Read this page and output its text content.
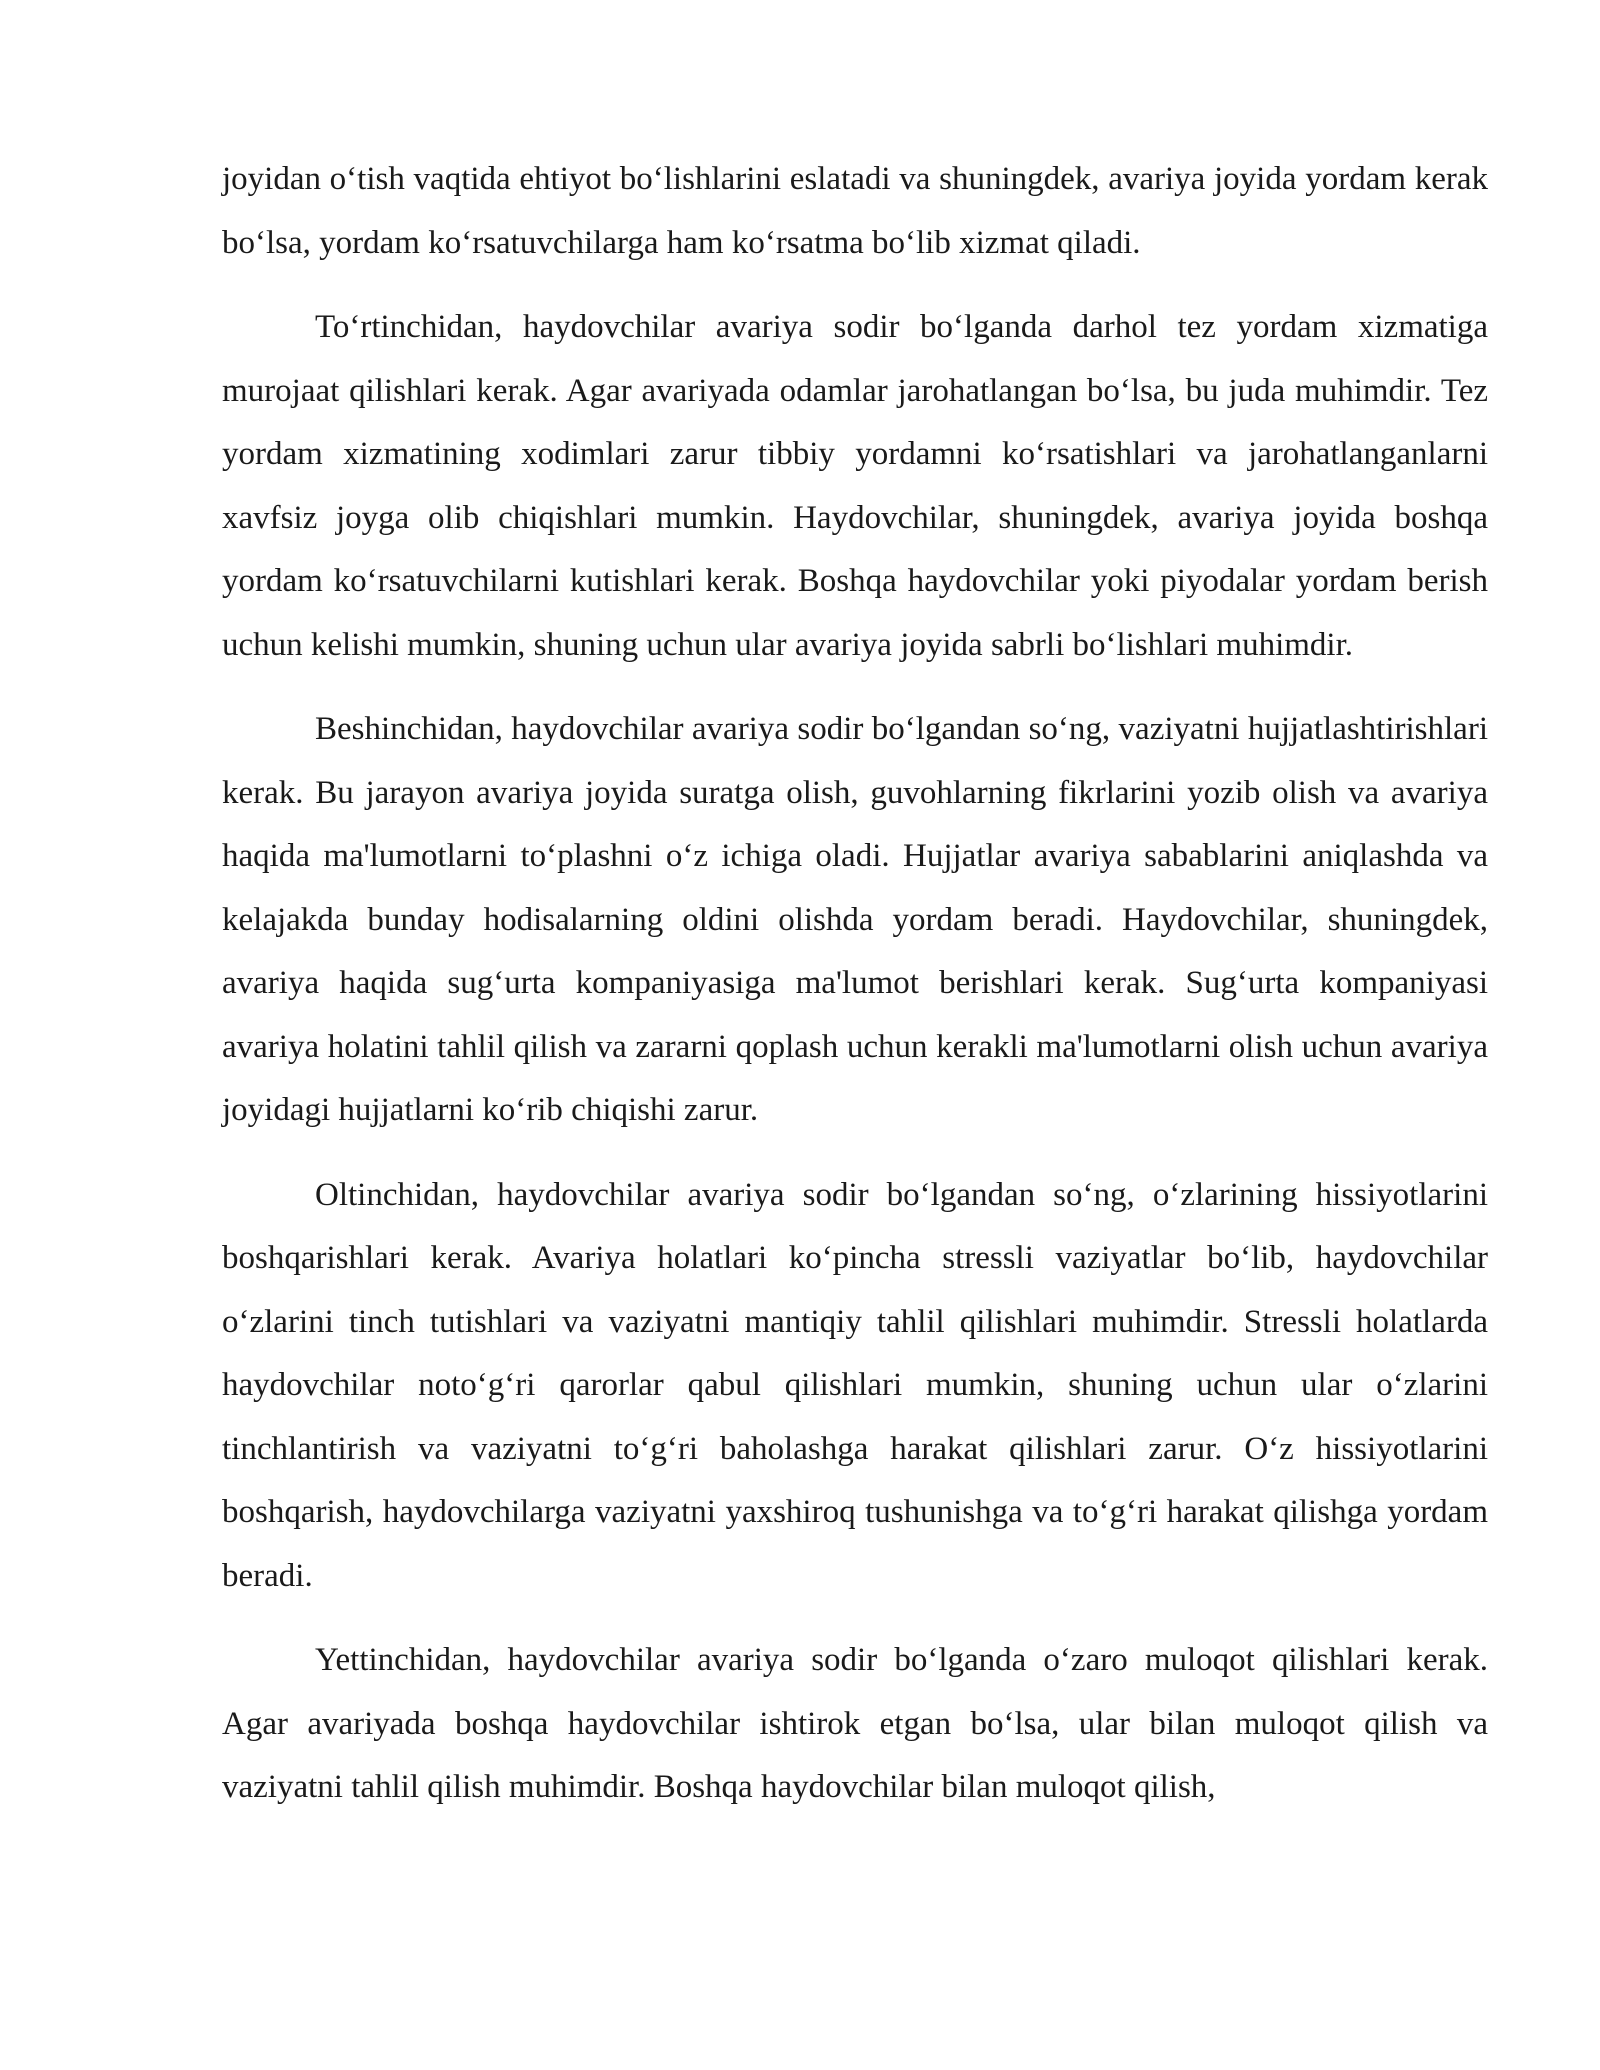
joyidan o‘tish vaqtida ehtiyot bo‘lishlarini eslatadi va shuningdek, avariya joyida yordam kerak bo‘lsa, yordam ko‘rsatuvchilarga ham ko‘rsatma bo‘lib xizmat qiladi.

To‘rtinchidan, haydovchilar avariya sodir bo‘lganda darhol tez yordam xizmatiga murojaat qilishlari kerak. Agar avariyada odamlar jarohatlangan bo‘lsa, bu juda muhimdir. Tez yordam xizmatining xodimlari zarur tibbiy yordamni ko‘rsatishlari va jarohatlanganlarni xavfsiz joyga olib chiqishlari mumkin. Haydovchilar, shuningdek, avariya joyida boshqa yordam ko‘rsatuvchilarni kutishlari kerak. Boshqa haydovchilar yoki piyodalar yordam berish uchun kelishi mumkin, shuning uchun ular avariya joyida sabrli bo‘lishlari muhimdir.

Beshinchidan, haydovchilar avariya sodir bo‘lgandan so‘ng, vaziyatni hujjatlashtirishlari kerak. Bu jarayon avariya joyida suratga olish, guvohlarning fikrlarini yozib olish va avariya haqida ma'lumotlarni to‘plashni o‘z ichiga oladi. Hujjatlar avariya sabablarini aniqlashda va kelajakda bunday hodisalarning oldini olishda yordam beradi. Haydovchilar, shuningdek, avariya haqida sug‘urta kompaniyasiga ma'lumot berishlari kerak. Sug‘urta kompaniyasi avariya holatini tahlil qilish va zararni qoplash uchun kerakli ma'lumotlarni olish uchun avariya joyidagi hujjatlarni ko‘rib chiqishi zarur.

Oltinchidan, haydovchilar avariya sodir bo‘lgandan so‘ng, o‘zlarining hissiyotlarini boshqarishlari kerak. Avariya holatlari ko‘pincha stressli vaziyatlar bo‘lib, haydovchilar o‘zlarini tinch tutishlari va vaziyatni mantiqiy tahlil qilishlari muhimdir. Stressli holatlarda haydovchilar noto‘g‘ri qarorlar qabul qilishlari mumkin, shuning uchun ular o‘zlarini tinchlantirish va vaziyatni to‘g‘ri baholashga harakat qilishlari zarur. O‘z hissiyotlarini boshqarish, haydovchilarga vaziyatni yaxshiroq tushunishga va to‘g‘ri harakat qilishga yordam beradi.

Yettinchidan, haydovchilar avariya sodir bo‘lganda o‘zaro muloqot qilishlari kerak. Agar avariyada boshqa haydovchilar ishtirok etgan bo‘lsa, ular bilan muloqot qilish va vaziyatni tahlil qilish muhimdir. Boshqa haydovchilar bilan muloqot qilish,
